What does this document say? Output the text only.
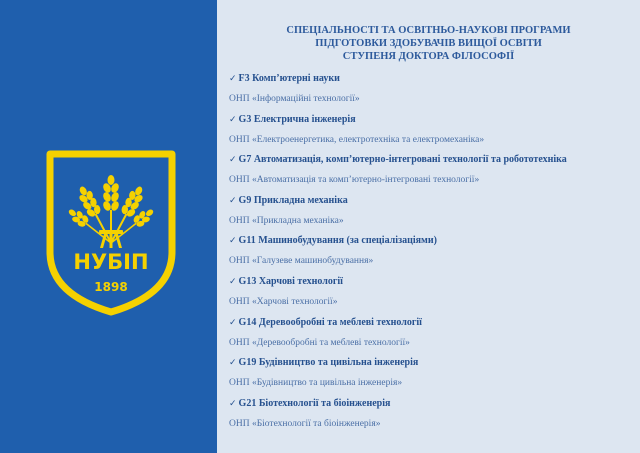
НУБІП
1898
СПЕЦІАЛЬНОСТІ ТА ОСВІТНЬО-НАУКОВІ ПРОГРАМИ
ПІДГОТОВКИ ЗДОБУВАЧІВ ВИЩОЇ ОСВІТИ
СТУПЕНЯ ДОКТОРА ФІЛОСОФІЇ
✓ F3 Комп’ютерні науки
ОНП «Інформаційні технології»
✓ G3 Електрична інженерія
ОНП «Електроенергетика, електротехніка та електромеханіка»
✓ G7 Автоматизація, комп’ютерно-інтегровані технології та робототехніка
ОНП «Автоматизація та комп’ютерно-інтегровані технології»
✓ G9 Прикладна механіка
ОНП «Прикладна механіка»
✓ G11 Машинобудування (за спеціалізаціями)
ОНП «Галузеве машинобудування»
✓ G13 Харчові технології
ОНП «Харчові технології»
✓ G14 Деревообробні та меблеві технології
ОНП «Деревообробні та меблеві технології»
✓ G19 Будівництво та цивільна інженерія
ОНП «Будівництво та цивільна інженерія»
✓ G21 Біотехнології та біоінженерія
ОНП «Біотехнології та біоінженерія»
